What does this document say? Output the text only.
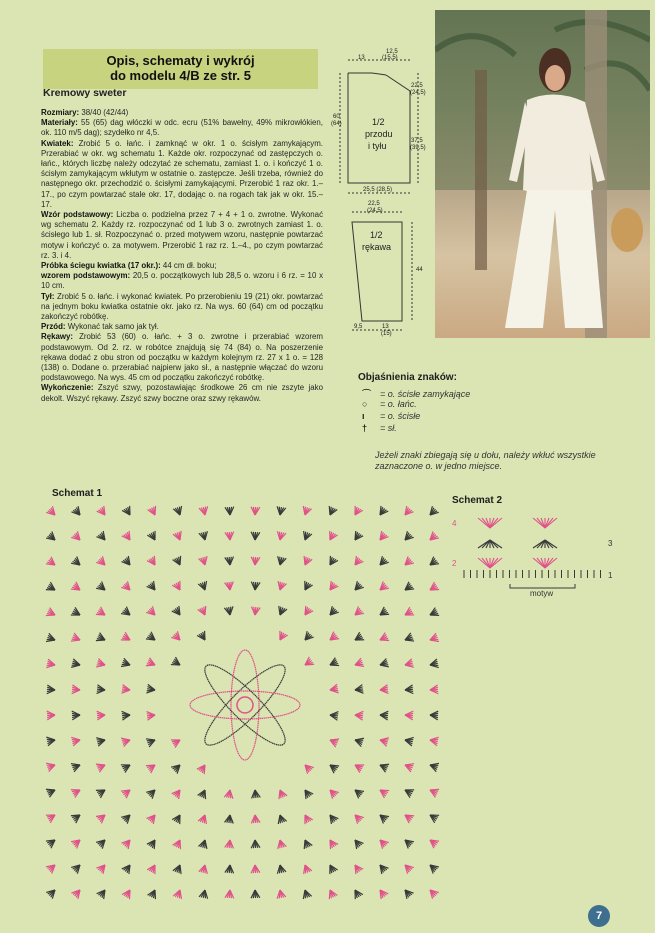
Opis, schematy i wykrój
do modelu 4/B ze str. 5
Kremowy sweter

Rozmiary: 38/40 (42/44)

Materiały: 55 (65) dag włóczki w odc. ecru (51% bawełny, 49% mikrowłókien, ok. 110 m/5 dag); szydełko nr 4,5.

Kwiatek: Zrobić 5 o. łańc. i zamknąć w okr. 1 o. ścisłym zamykającym. Przerabiać w okr. wg schematu 1. Każde okr. rozpoczynać od zastępczych o. łańc., których liczbę należy odczytać ze schematu, zamiast 1. o. i kończyć 1 o. ścisłym zamykającym wkłutym w ostatnie o. zastępcze. Jeśli trzeba, również do następnego okr. przechodzić o. ścisłymi zamykającymi. Przerobić 1 raz okr. 1.–17., po czym powtarzać stale okr. 17, dodając o. na rogach tak jak w okr. 15.–17.

Wzór podstawowy: Liczba o. podzielna przez 7 + 4 + 1 o. zwrotne. Wykonać wg schematu 2. Każdy rz. rozpoczynać od 1 lub 3 o. zwrotnych zamiast 1. o. ścisłego lub 1. sł. Rozpoczynać o. przed motywem wzoru, następnie powtarzać motyw i kończyć o. za motywem. Przerobić 1 raz rz. 1.–4., po czym powtarzać rz. 3. i 4.

Próbka ściegu kwiatka (17 okr.): 44 cm dł. boku;

wzorem podstawowym: 20,5 o. początkowych lub 28,5 o. wzoru i 6 rz. = 10 x 10 cm.

Tył: Zrobić 5 o. łańc. i wykonać kwiatek. Po przerobieniu 19 (21) okr. powtarzać na jednym boku kwiatka ostatnie okr. jako rz. Na wys. 60 (64) cm od początku zakończyć robótkę.

Przód: Wykonać tak samo jak tył.

Rękawy: Zrobić 53 (60) o. łańc. + 3 o. zwrotne i przerabiać wzorem podstawowym. Od 2. rz. w robótce znajdują się 74 (84) o. Na poszerzenie rękawa dodać z obu stron od początku w każdym kolejnym rz. 27 x 1 o. = 128 (138) o. Dodane o. przerabiać najpierw jako sł., a następnie włączać do wzoru podstawowego. Na wys. 45 cm od początku zakończyć robótkę.

Wykończenie: Zszyć szwy, pozostawiając środkowe 26 cm nie zszyte jako dekolt. Wszyć rękawy. Zszyć szwy boczne oraz szwy rękawów.

13
12,5
(15,5)
22,5
(24,5)
60
(64)	1/2
przodu
i tyłu	37,5
(39,5)
25,5 (28,5)
22,5
(24,5)
1/2
rękawa
44
9,5	13
(15)
Objaśnienia znaków:
⌒ = o. ścisłe zamykające
○ = o. łańc.
ı = o. ścisłe
† = sł.
Jeżeli znaki zbiegają się u dołu, należy wkłuć wszystkie zaznaczone o. w jedno miejsce.
Schemat 1
Schemat 2
4
2
3
1
motyw
7
